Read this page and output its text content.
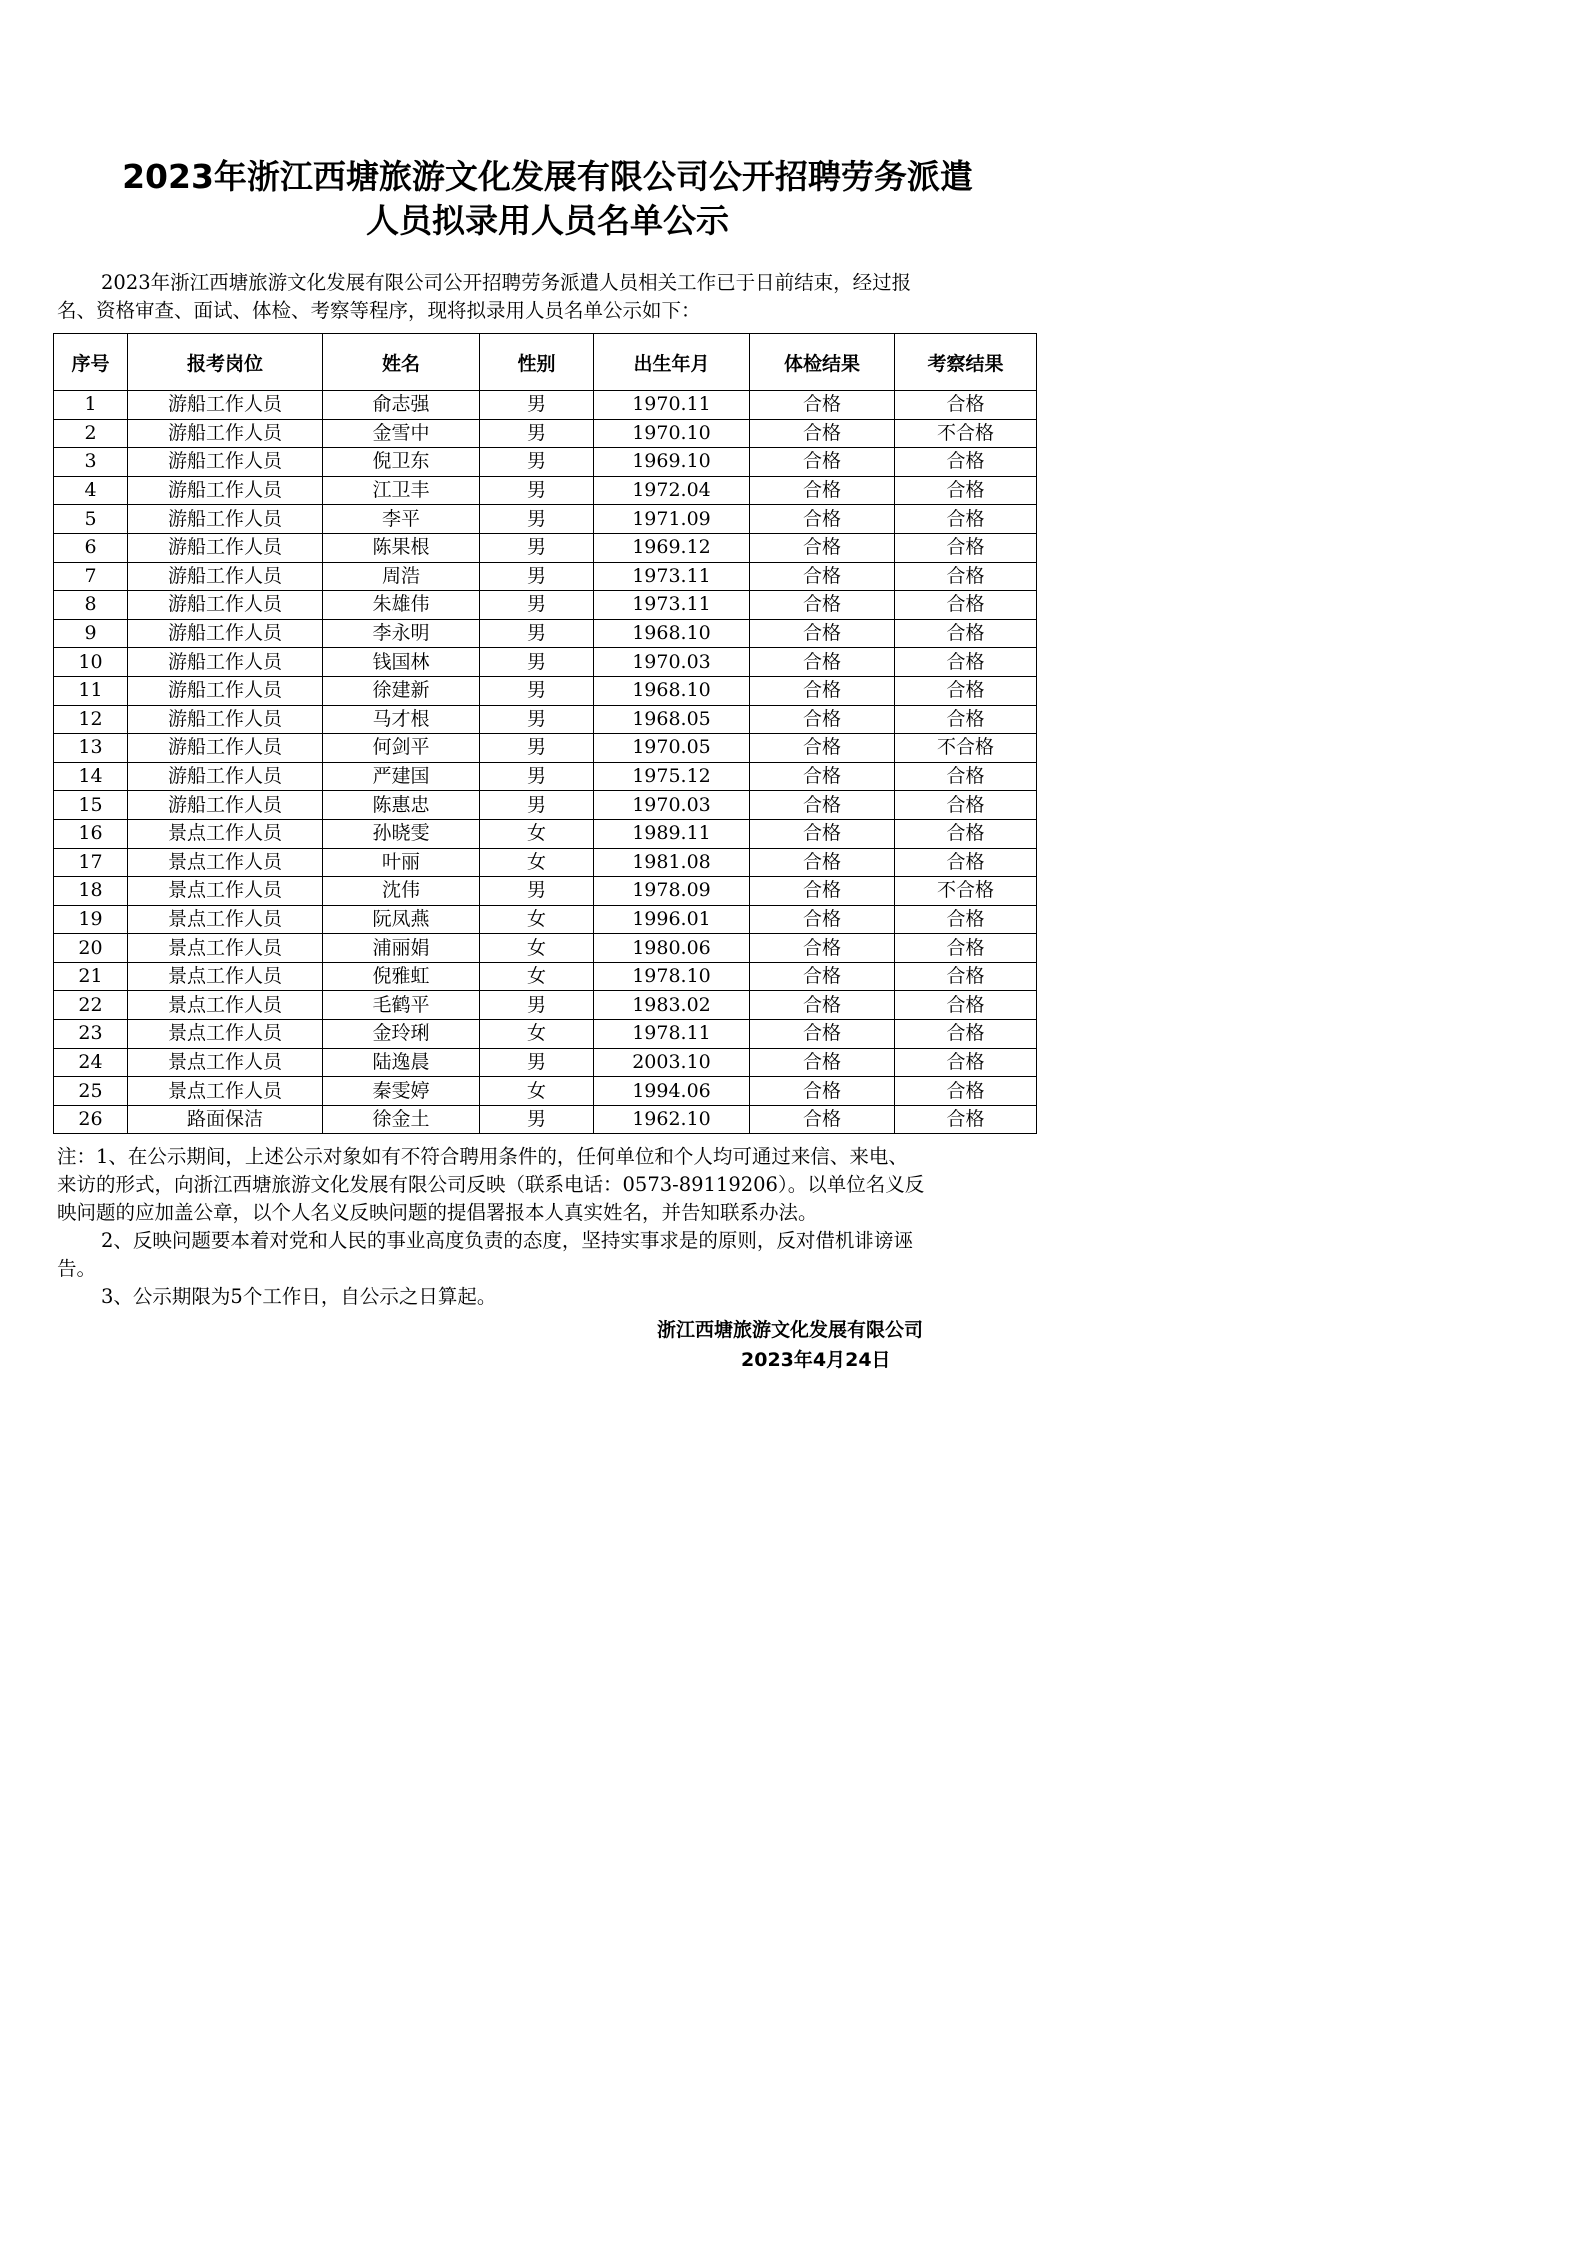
2023年浙江西塘旅游文化发展有限公司公开招聘劳务派遣
人员拟录用人员名单公示
2023年浙江西塘旅游文化发展有限公司公开招聘劳务派遣人员相关工作已于日前结束，经过报
名、资格审查、面试、体检、考察等程序，现将拟录用人员名单公示如下：
序号	报考岗位	姓名	性别	出生年月	体检结果	考察结果
1	游船工作人员	俞志强	男	1970.11	合格	合格
2	游船工作人员	金雪中	男	1970.10	合格	不合格
3	游船工作人员	倪卫东	男	1969.10	合格	合格
4	游船工作人员	江卫丰	男	1972.04	合格	合格
5	游船工作人员	李平	男	1971.09	合格	合格
6	游船工作人员	陈果根	男	1969.12	合格	合格
7	游船工作人员	周浩	男	1973.11	合格	合格
8	游船工作人员	朱雄伟	男	1973.11	合格	合格
9	游船工作人员	李永明	男	1968.10	合格	合格
10	游船工作人员	钱国林	男	1970.03	合格	合格
11	游船工作人员	徐建新	男	1968.10	合格	合格
12	游船工作人员	马才根	男	1968.05	合格	合格
13	游船工作人员	何剑平	男	1970.05	合格	不合格
14	游船工作人员	严建国	男	1975.12	合格	合格
15	游船工作人员	陈惠忠	男	1970.03	合格	合格
16	景点工作人员	孙晓雯	女	1989.11	合格	合格
17	景点工作人员	叶丽	女	1981.08	合格	合格
18	景点工作人员	沈伟	男	1978.09	合格	不合格
19	景点工作人员	阮凤燕	女	1996.01	合格	合格
20	景点工作人员	浦丽娟	女	1980.06	合格	合格
21	景点工作人员	倪雅虹	女	1978.10	合格	合格
22	景点工作人员	毛鹤平	男	1983.02	合格	合格
23	景点工作人员	金玲琍	女	1978.11	合格	合格
24	景点工作人员	陆逸晨	男	2003.10	合格	合格
25	景点工作人员	秦雯婷	女	1994.06	合格	合格
26	路面保洁	徐金土	男	1962.10	合格	合格
注：1、在公示期间，上述公示对象如有不符合聘用条件的，任何单位和个人均可通过来信、来电、
来访的形式，向浙江西塘旅游文化发展有限公司反映（联系电话：0573-89119206）。以单位名义反
映问题的应加盖公章，以个人名义反映问题的提倡署报本人真实姓名，并告知联系办法。
2、反映问题要本着对党和人民的事业高度负责的态度，坚持实事求是的原则，反对借机诽谤诬
告。
3、公示期限为5个工作日，自公示之日算起。
浙江西塘旅游文化发展有限公司
2023年4月24日
